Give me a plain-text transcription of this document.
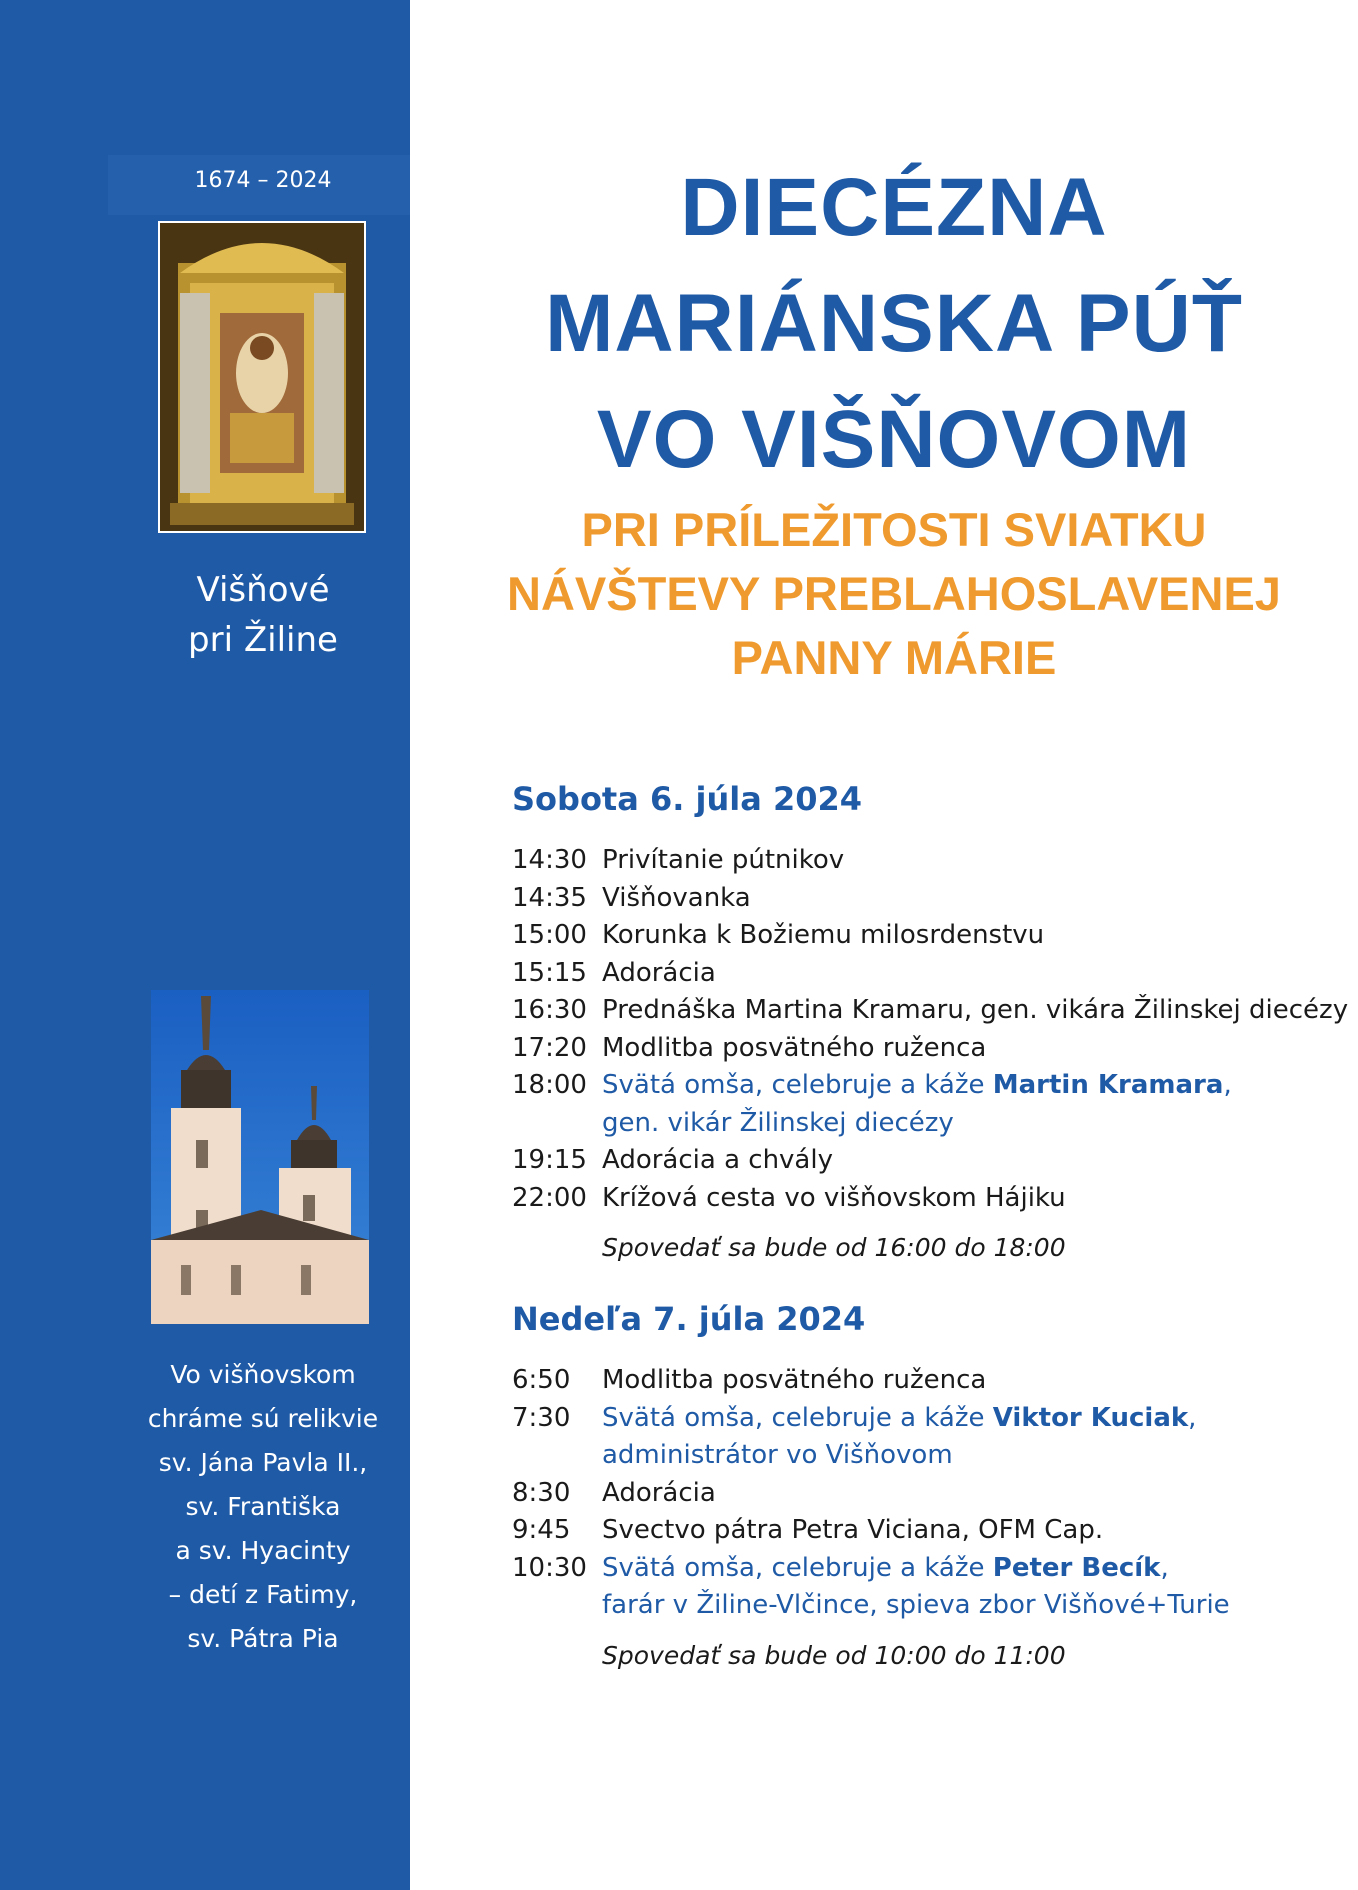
1674 – 2024
Višňové
pri Žiline
Vo višňovskom
chráme sú relikvie
sv. Jána Pavla II.,
sv. Františka
a sv. Hyacinty
– detí z Fatimy,
sv. Pátra Pia
DIECÉZNA
MARIÁNSKA PÚŤ
VO VIŠŇOVOM
PRI PRÍLEŽITOSTI SVIATKU
NÁVŠTEVY PREBLAHOSLAVENEJ
PANNY MÁRIE
Sobota 6. júla 2024
14:30 Privítanie pútnikov
14:35 Višňovanka
15:00 Korunka k Božiemu milosrdenstvu
15:15 Adorácia
16:30 Prednáška Martina Kramaru, gen. vikára Žilinskej diecézy
17:20 Modlitba posvätného ruženca
18:00 Svätá omša, celebruje a káže Martin Kramara,
gen. vikár Žilinskej diecézy
19:15 Adorácia a chvály
22:00 Krížová cesta vo višňovskom Hájiku
Spovedať sa bude od 16:00 do 18:00
Nedeľa 7. júla 2024
6:50	Modlitba posvätného ruženca
7:30	Svätá omša, celebruje a káže Viktor Kuciak,
administrátor vo Višňovom
8:30	Adorácia
9:45	Svectvo pátra Petra Viciana, OFM Cap.
10:30 Svätá omša, celebruje a káže Peter Becík,
farár v Žiline-Vlčince, spieva zbor Višňové+Turie
Spovedať sa bude od 10:00 do 11:00
